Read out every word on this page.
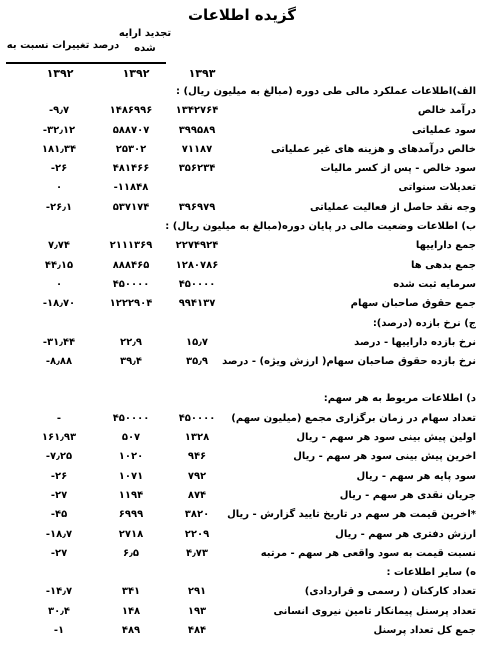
گزیده اطلاعات
درصد تغییرات نسبت به
تجدید ارایه
شده
۱۳۹۳
۱۳۹۲
۱۳۹۲
الف)اطلاعات عملکرد مالی طی دوره (مبالغ به میلیون ریال) :
درآمد خالص
۱۳۴۲۷۶۴
۱۴۸۶۹۹۶
-۹٫۷
سود عملیاتی
۳۹۹۵۸۹
۵۸۸۷۰۷
-۳۲٫۱۲
خالص درآمدهای و هزینه های غیر عملیاتی
۷۱۱۸۷
۲۵۳۰۲
۱۸۱٫۳۴
سود خالص - پس از کسر مالیات
۳۵۶۲۳۴
۴۸۱۴۶۶
-۲۶
تعدیلات سنواتی
-۱۱۸۴۸
۰
وجه نقد حاصل از فعالیت عملیاتی
۳۹۶۹۷۹
۵۳۷۱۷۴
-۲۶٫۱
ب) اطلاعات وضعیت مالی در پایان دوره(مبالغ به میلیون ریال) :
جمع داراییها
۲۲۷۴۹۲۴
۲۱۱۱۳۶۹
۷٫۷۴
جمع بدهی ها
۱۲۸۰۷۸۶
۸۸۸۴۶۵
۴۴٫۱۵
سرمایه ثبت شده
۴۵۰۰۰۰
۴۵۰۰۰۰
۰
جمع حقوق صاحبان سهام
۹۹۴۱۳۷
۱۲۲۲۹۰۴
-۱۸٫۷۰
ج) نرخ بازده (درصد):
نرخ بازده داراییها - درصد
۱۵٫۷
۲۲٫۹
-۳۱٫۴۴
نرخ بازده حقوق صاحبان سهام( ارزش ویژه) - درصد
۳۵٫۹
۳۹٫۴
-۸٫۸۸
د) اطلاعات مربوط به هر سهم:
تعداد سهام در زمان برگزاری مجمع (میلیون سهم)
۴۵۰۰۰۰
۴۵۰۰۰۰
-
اولین پیش بینی سود هر سهم - ریال
۱۳۲۸
۵۰۷
۱۶۱٫۹۳
اخرین پیش بینی سود هر سهم - ریال
۹۴۶
۱۰۲۰
-۷٫۲۵
سود پایه هر سهم - ریال
۷۹۲
۱۰۷۱
-۲۶
جریان نقدی هر سهم - ریال
۸۷۴
۱۱۹۴
-۲۷
*اخرین قیمت هر سهم در تاریخ تایید گزارش - ریال
۳۸۲۰
۶۹۹۹
-۴۵
ارزش دفتری هر سهم - ریال
۲۲۰۹
۲۷۱۸
-۱۸٫۷
نسبت قیمت به سود واقعی هر سهم - مرتبه
۴٫۷۳
۶٫۵
-۲۷
ه) سایر اطلاعات :
تعداد کارکنان ( رسمی و قراردادی)
۲۹۱
۳۴۱
-۱۴٫۷
تعداد پرسنل پیمانکار تامین نیروی انسانی
۱۹۳
۱۴۸
۳۰٫۴
جمع کل تعداد پرسنل
۴۸۴
۴۸۹
-۱
